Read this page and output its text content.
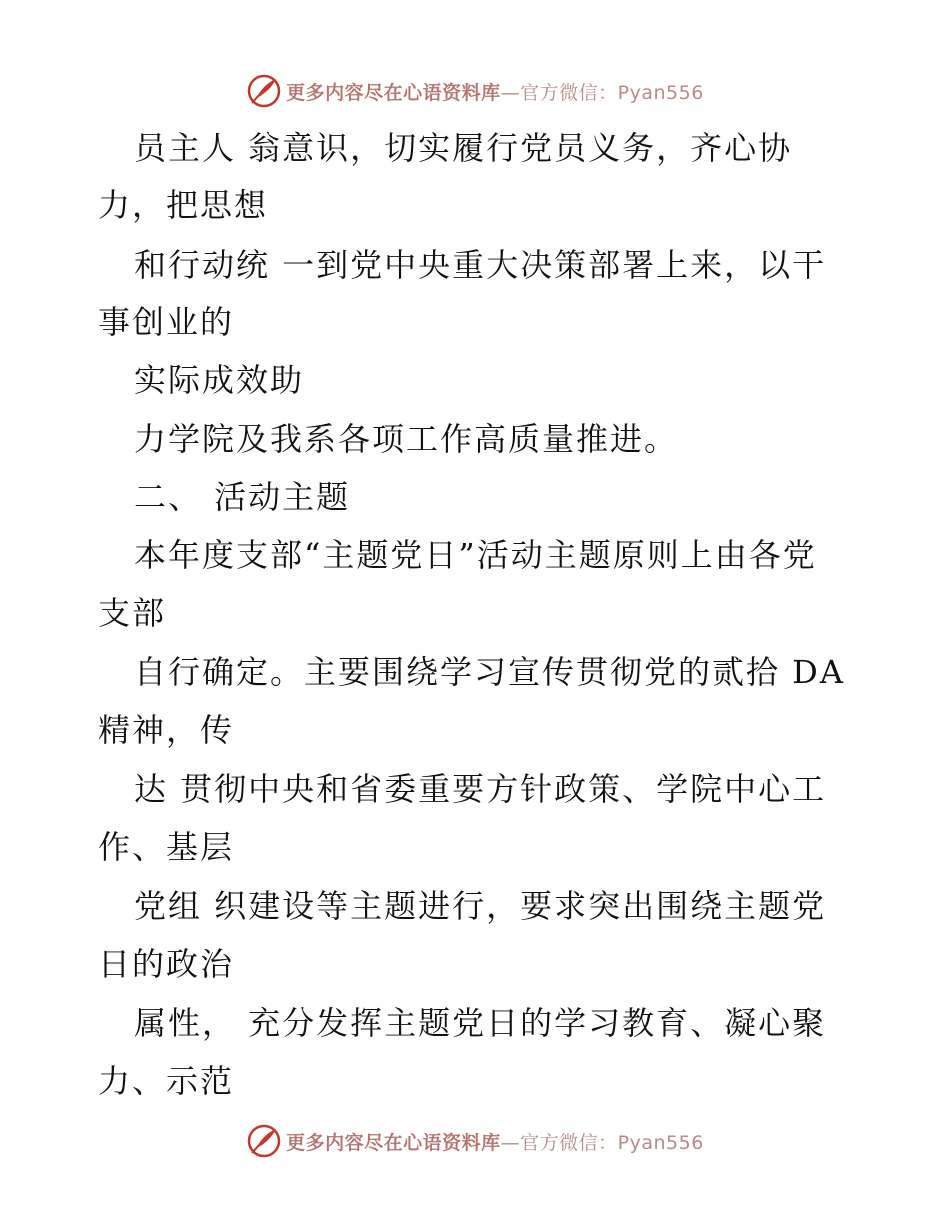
更多内容尽在心语资料库—官方微信：Pyan556
员主人 翁意识，切实履行党员义务，齐心协
力，把思想
和行动统 一到党中央重大决策部署上来，以干
事创业的
实际成效助
力学院及我系各项工作高质量推进。
二、 活动主题
本年度支部“主题党日”活动主题原则上由各党
支部
自行确定。主要围绕学习宣传贯彻党的贰拾 DA
精神，传
达 贯彻中央和省委重要方针政策、学院中心工
作、基层
党组 织建设等主题进行，要求突出围绕主题党
日的政治
属性， 充分发挥主题党日的学习教育、凝心聚
力、示范
更多内容尽在心语资料库—官方微信：Pyan556
